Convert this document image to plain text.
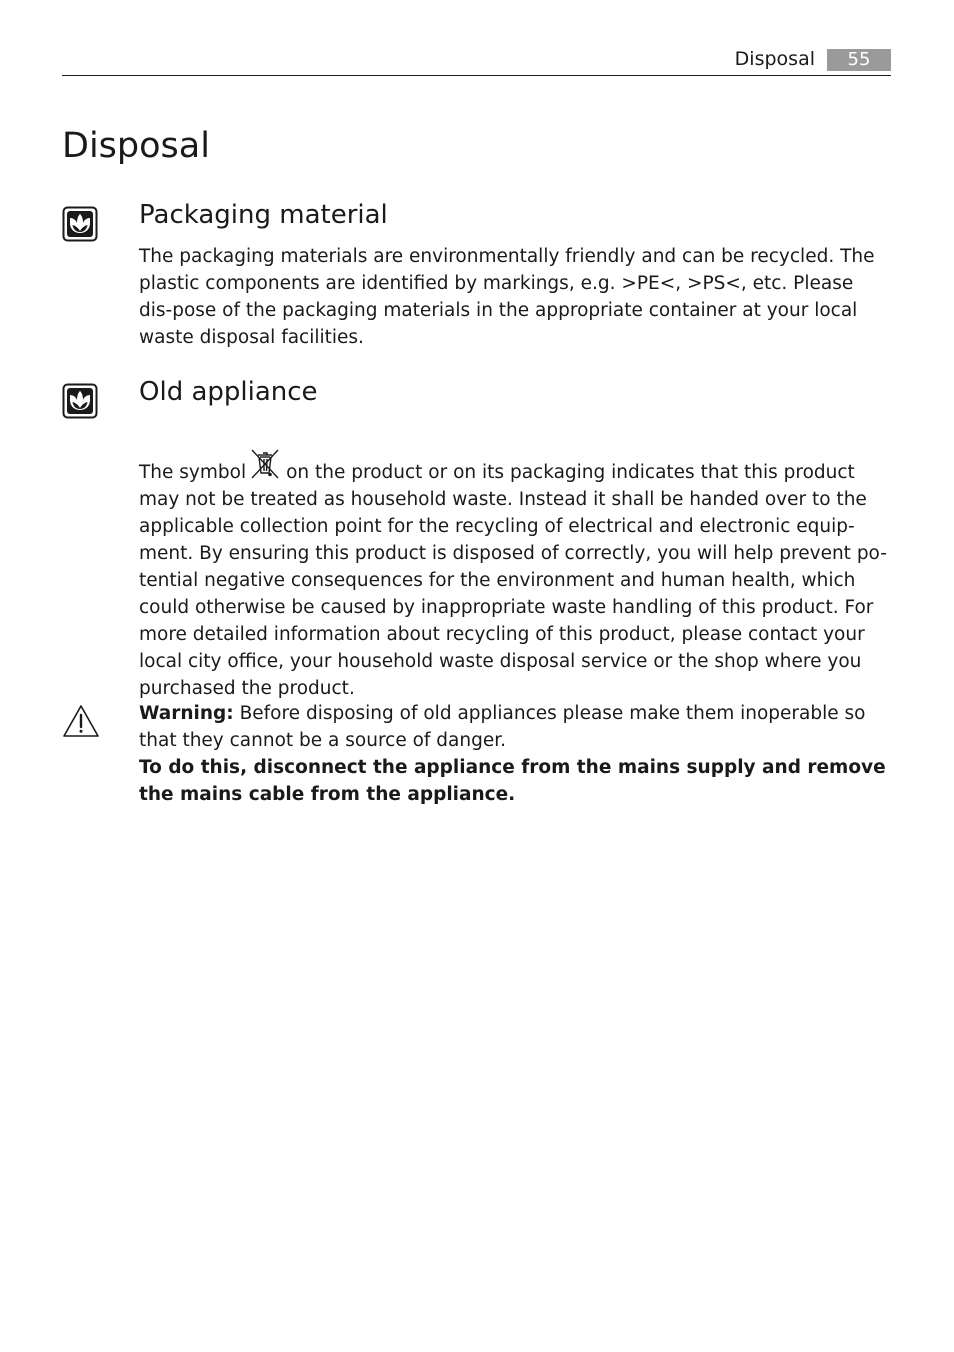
Disposal	55
Disposal
Packaging material

The packaging materials are environmentally friendly and can be recycled. The plastic components are identified by markings, e.g. >PE<, >PS<, etc. Please dis-pose of the packaging materials in the appropriate container at your local waste disposal facilities.

Old appliance

The symbol on the product or on its packaging indicates that this product may not be treated as household waste. Instead it shall be handed over to the applicable collection point for the recycling of electrical and electronic equip-ment. By ensuring this product is disposed of correctly, you will help prevent po-tential negative consequences for the environment and human health, which could otherwise be caused by inappropriate waste handling of this product. For more detailed information about recycling of this product, please contact your local city office, your household waste disposal service or the shop where you purchased the product.

Warning: Before disposing of old appliances please make them inoperable so that they cannot be a source of danger.
To do this, disconnect the appliance from the mains supply and remove the mains cable from the appliance.
